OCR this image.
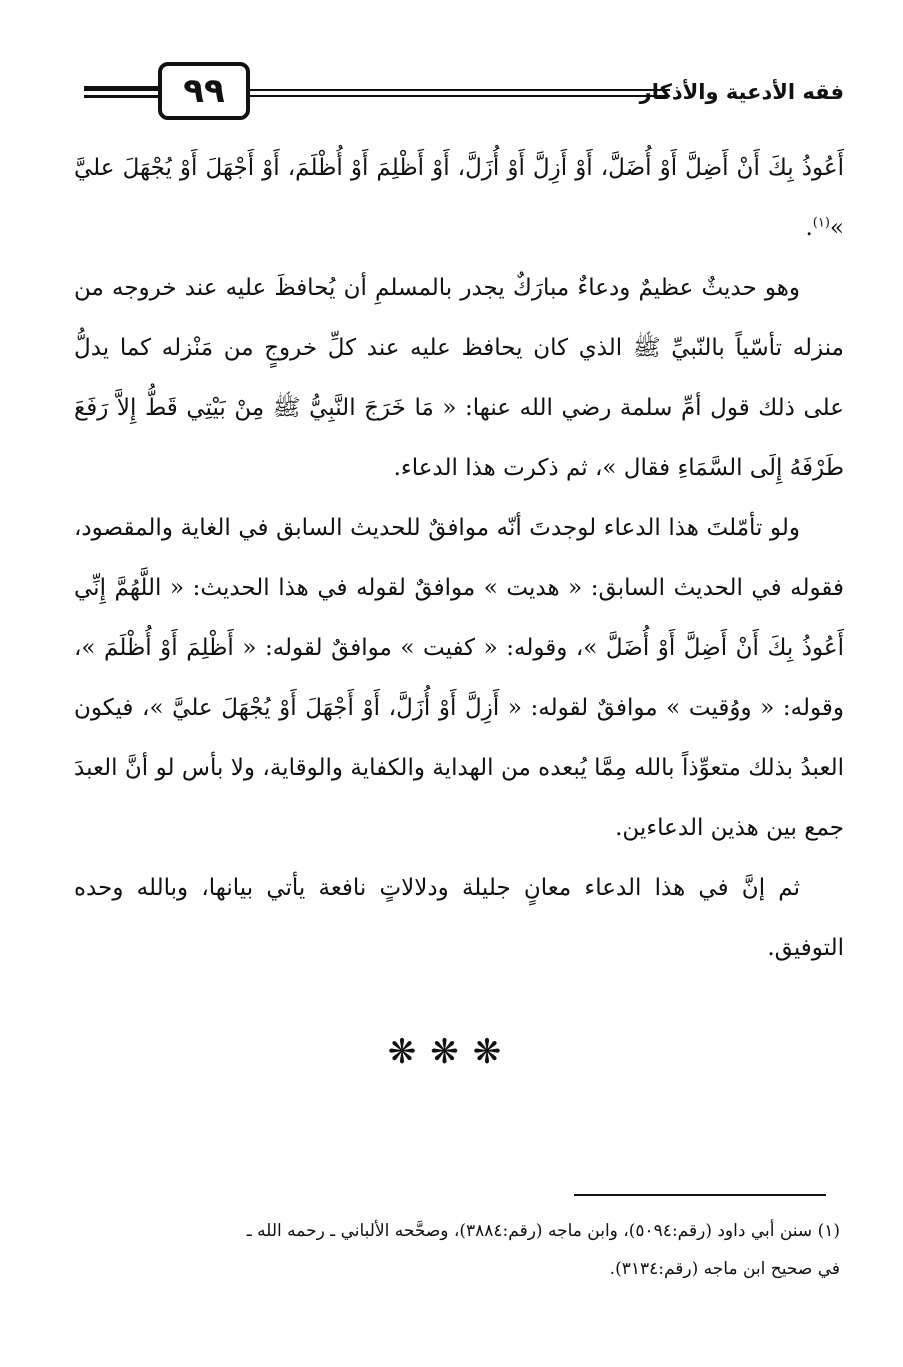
٩٩	فقه الأدعية والأذكار

أَعُوذُ بِكَ أَنْ أَضِلَّ أَوْ أُضَلَّ، أَوْ أَزِلَّ أَوْ أُزَلَّ، أَوْ أَظْلِمَ أَوْ أُظْلَمَ، أَوْ أَجْهَلَ أَوْ يُجْهَلَ عليَّ »$^{(١)}$.

وهو حديثٌ عظيمٌ ودعاءٌ مبارَكٌ يجدر بالمسلمِ أن يُحافظَ عليه عند خروجه من منزله تأسّياً بالنّبيِّ ﷺ الذي كان يحافظ عليه عند كلِّ خروجٍ من مَنْزله كما يدلُّ على ذلك قول أمِّ سلمة رضي الله عنها: « مَا خَرَجَ النَّبِيُّ ﷺ مِنْ بَيْتِي قَطُّ إِلاَّ رَفَعَ طَرْفَهُ إِلَى السَّمَاءِ فقال »، ثم ذكرت هذا الدعاء.

ولو تأمّلتَ هذا الدعاء لوجدتَ أنّه موافقٌ للحديث السابق في الغاية والمقصود، فقوله في الحديث السابق: « هديت » موافقٌ لقوله في هذا الحديث: « اللَّهُمَّ إِنِّي أَعُوذُ بِكَ أَنْ أَضِلَّ أَوْ أُضَلَّ »، وقوله: « كفيت » موافقٌ لقوله: « أَظْلِمَ أَوْ أُظْلَمَ »، وقوله: « ووُقيت » موافقٌ لقوله: « أَزِلَّ أَوْ أُزَلَّ، أَوْ أَجْهَلَ أَوْ يُجْهَلَ عليَّ »، فيكون العبدُ بذلك متعوِّذاً بالله مِمَّا يُبعده من الهداية والكفاية والوقاية، ولا بأس لو أنَّ العبدَ جمع بين هذين الدعاءين.

ثم إنَّ في هذا الدعاء معانٍ جليلة ودلالاتٍ نافعة يأتي بيانها، وبالله وحده التوفيق.

❋❋❋

(١) سنن أبي داود (رقم:٥٠٩٤)، وابن ماجه (رقم:٣٨٨٤)، وصحَّحه الألباني ـ رحمه الله ـ

في صحيح ابن ماجه (رقم:٣١٣٤).
